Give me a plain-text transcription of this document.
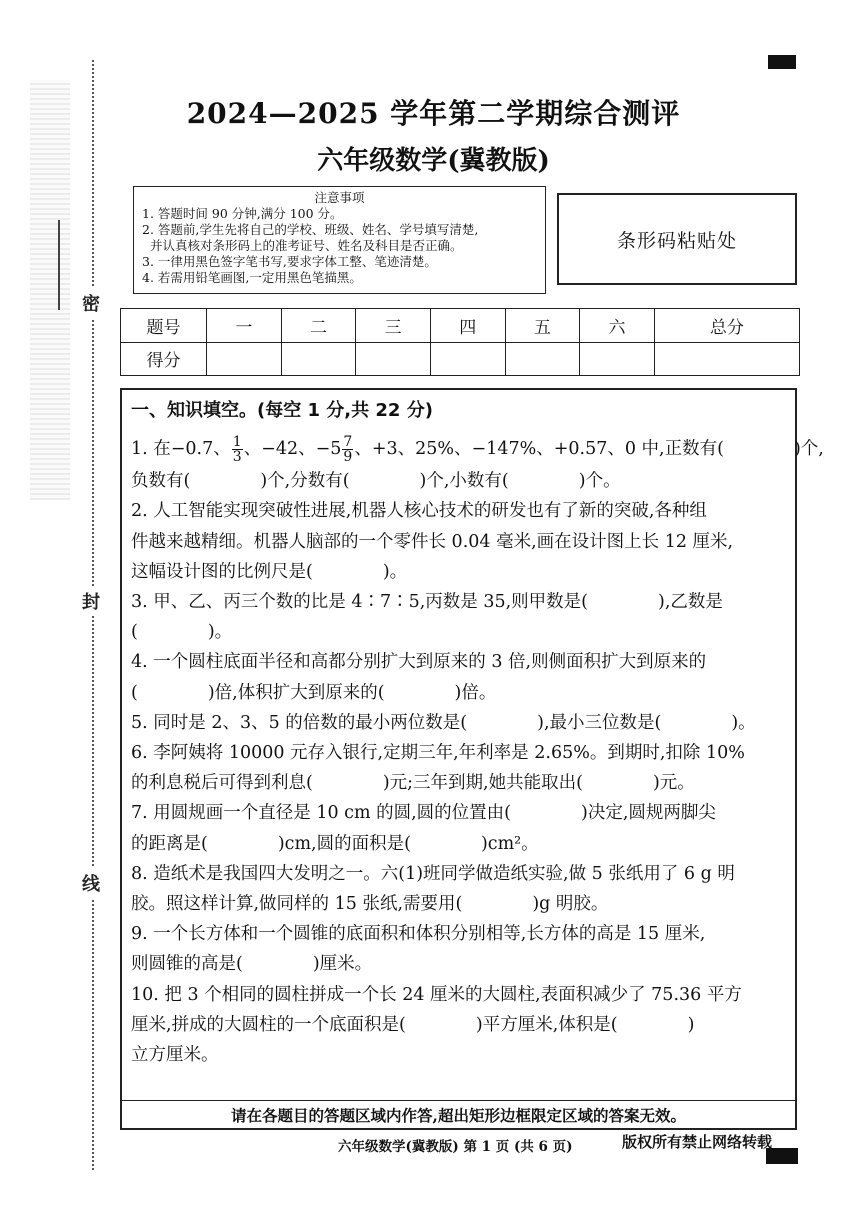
密
封
线
2024—2025 学年第二学期综合测评
六年级数学(冀教版)
注意事项
1. 答题时间 90 分钟,满分 100 分。
2. 答题前,学生先将自己的学校、班级、姓名、学号填写清楚,
并认真核对条形码上的准考证号、姓名及科目是否正确。
3. 一律用黑色签字笔书写,要求字体工整、笔迹清楚。
4. 若需用铅笔画图,一定用黑色笔描黑。
条形码粘贴处
题号	一	二	三	四	五	六	总分
得分							

一、知识填空。(每空 1 分,共 22 分)

1. 在−0.7、 $\frac{1}{3}$ 、−42、$-5 \frac{7}{9}$ 、+3、25%、−147%、+0.57、0 中,正数有(　　　　)个,

负数有(　　　　)个,分数有(　　　　)个,小数有(　　　　)个。

2. 人工智能实现突破性进展,机器人核心技术的研发也有了新的突破,各种组

件越来越精细。机器人脑部的一个零件长 0.04 毫米,画在设计图上长 12 厘米,

这幅设计图的比例尺是(　　　　)。

3. 甲、乙、丙三个数的比是 4∶7∶5,丙数是 35,则甲数是(　　　　),乙数是

(　　　　)。

4. 一个圆柱底面半径和高都分别扩大到原来的 3 倍,则侧面积扩大到原来的

(　　　　)倍,体积扩大到原来的(　　　　)倍。

5. 同时是 2、3、5 的倍数的最小两位数是(　　　　),最小三位数是(　　　　)。

6. 李阿姨将 10000 元存入银行,定期三年,年利率是 2.65%。到期时,扣除 10%

的利息税后可得到利息(　　　　)元;三年到期,她共能取出(　　　　)元。

7. 用圆规画一个直径是 10 cm 的圆,圆的位置由(　　　　)决定,圆规两脚尖

的距离是(　　　　)cm,圆的面积是(　　　　)cm²。

8. 造纸术是我国四大发明之一。六(1)班同学做造纸实验,做 5 张纸用了 6 g 明

胶。照这样计算,做同样的 15 张纸,需要用(　　　　)g 明胶。

9. 一个长方体和一个圆锥的底面积和体积分别相等,长方体的高是 15 厘米,

则圆锥的高是(　　　　)厘米。

10. 把 3 个相同的圆柱拼成一个长 24 厘米的大圆柱,表面积减少了 75.36 平方

厘米,拼成的大圆柱的一个底面积是(　　　　)平方厘米,体积是(　　　　)

立方厘米。

请在各题目的答题区域内作答,超出矩形边框限定区域的答案无效。
六年级数学(冀教版) 第 1 页 (共 6 页)	版权所有禁止网络转载
